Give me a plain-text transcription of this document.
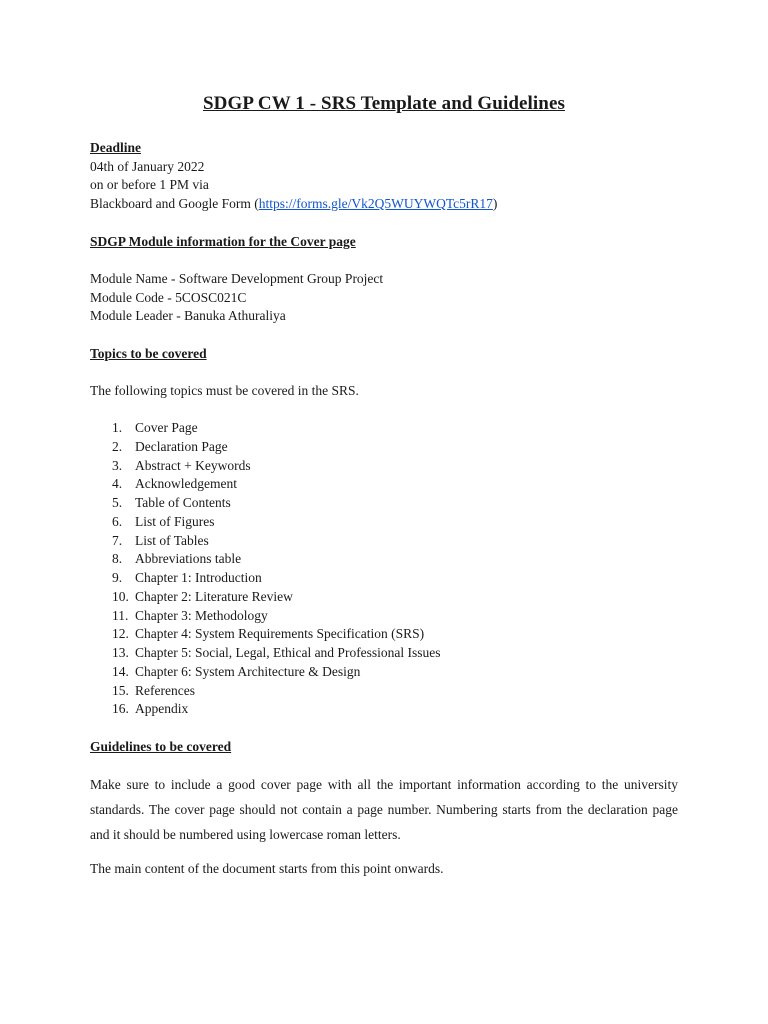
SDGP CW 1 - SRS Template and Guidelines
Deadline
04th of January 2022
on or before 1 PM via
Blackboard and Google Form (https://forms.gle/Vk2Q5WUYWQTc5rR17)
SDGP Module information for the Cover page
Module Name - Software Development Group Project
Module Code - 5COSC021C
Module Leader - Banuka Athuraliya
Topics to be covered
The following topics must be covered in the SRS.
1. Cover Page
2. Declaration Page
3. Abstract + Keywords
4. Acknowledgement
5. Table of Contents
6. List of Figures
7. List of Tables
8. Abbreviations table
9. Chapter 1: Introduction
10. Chapter 2: Literature Review
11. Chapter 3: Methodology
12. Chapter 4: System Requirements Specification (SRS)
13. Chapter 5: Social, Legal, Ethical and Professional Issues
14. Chapter 6: System Architecture & Design
15. References
16. Appendix
Guidelines to be covered

Make sure to include a good cover page with all the important information according to the university standards. The cover page should not contain a page number. Numbering starts from the declaration page and it should be numbered using lowercase roman letters.

The main content of the document starts from this point onwards.
